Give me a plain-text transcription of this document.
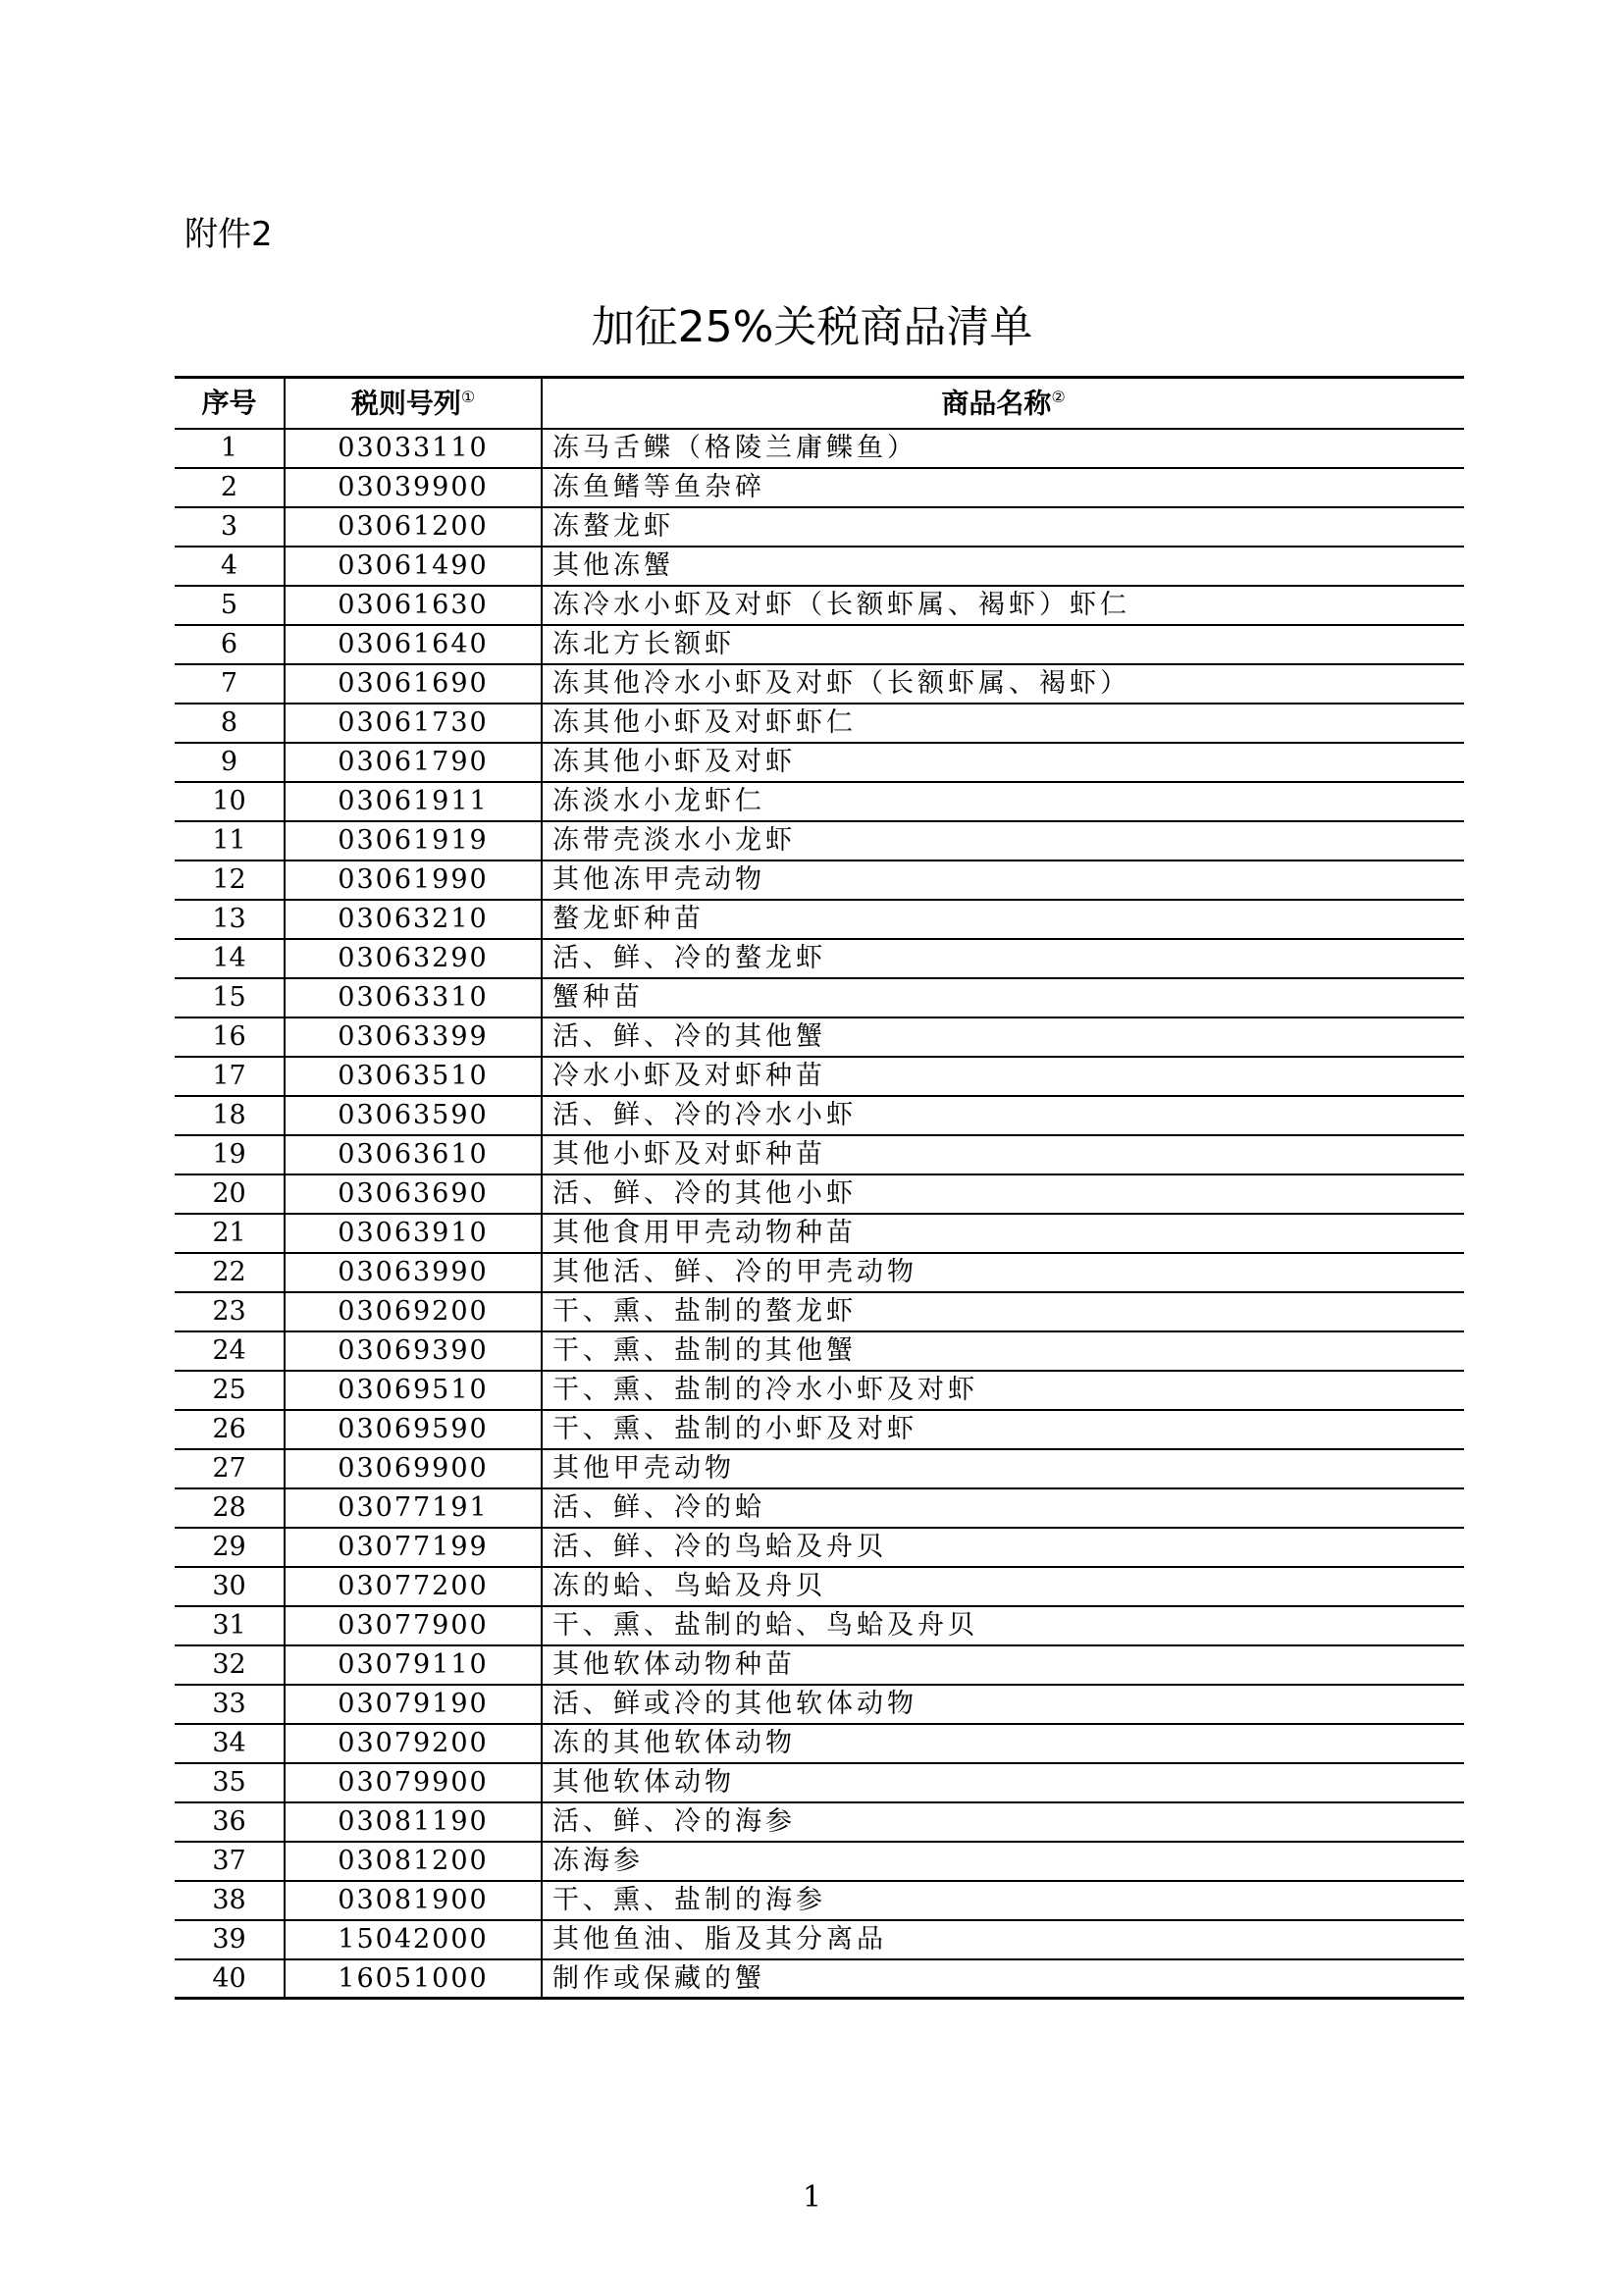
附件2
加征25%关税商品清单
序号	税则号列①	商品名称②
1	03033110	冻马舌鲽（格陵兰庸鲽鱼）
2	03039900	冻鱼鳍等鱼杂碎
3	03061200	冻螯龙虾
4	03061490	其他冻蟹
5	03061630	冻冷水小虾及对虾（长额虾属、褐虾）虾仁
6	03061640	冻北方长额虾
7	03061690	冻其他冷水小虾及对虾（长额虾属、褐虾）
8	03061730	冻其他小虾及对虾虾仁
9	03061790	冻其他小虾及对虾
10	03061911	冻淡水小龙虾仁
11	03061919	冻带壳淡水小龙虾
12	03061990	其他冻甲壳动物
13	03063210	螯龙虾种苗
14	03063290	活、鲜、冷的螯龙虾
15	03063310	蟹种苗
16	03063399	活、鲜、冷的其他蟹
17	03063510	冷水小虾及对虾种苗
18	03063590	活、鲜、冷的冷水小虾
19	03063610	其他小虾及对虾种苗
20	03063690	活、鲜、冷的其他小虾
21	03063910	其他食用甲壳动物种苗
22	03063990	其他活、鲜、冷的甲壳动物
23	03069200	干、熏、盐制的螯龙虾
24	03069390	干、熏、盐制的其他蟹
25	03069510	干、熏、盐制的冷水小虾及对虾
26	03069590	干、熏、盐制的小虾及对虾
27	03069900	其他甲壳动物
28	03077191	活、鲜、冷的蛤
29	03077199	活、鲜、冷的鸟蛤及舟贝
30	03077200	冻的蛤、鸟蛤及舟贝
31	03077900	干、熏、盐制的蛤、鸟蛤及舟贝
32	03079110	其他软体动物种苗
33	03079190	活、鲜或冷的其他软体动物
34	03079200	冻的其他软体动物
35	03079900	其他软体动物
36	03081190	活、鲜、冷的海参
37	03081200	冻海参
38	03081900	干、熏、盐制的海参
39	15042000	其他鱼油、脂及其分离品
40	16051000	制作或保藏的蟹
1
